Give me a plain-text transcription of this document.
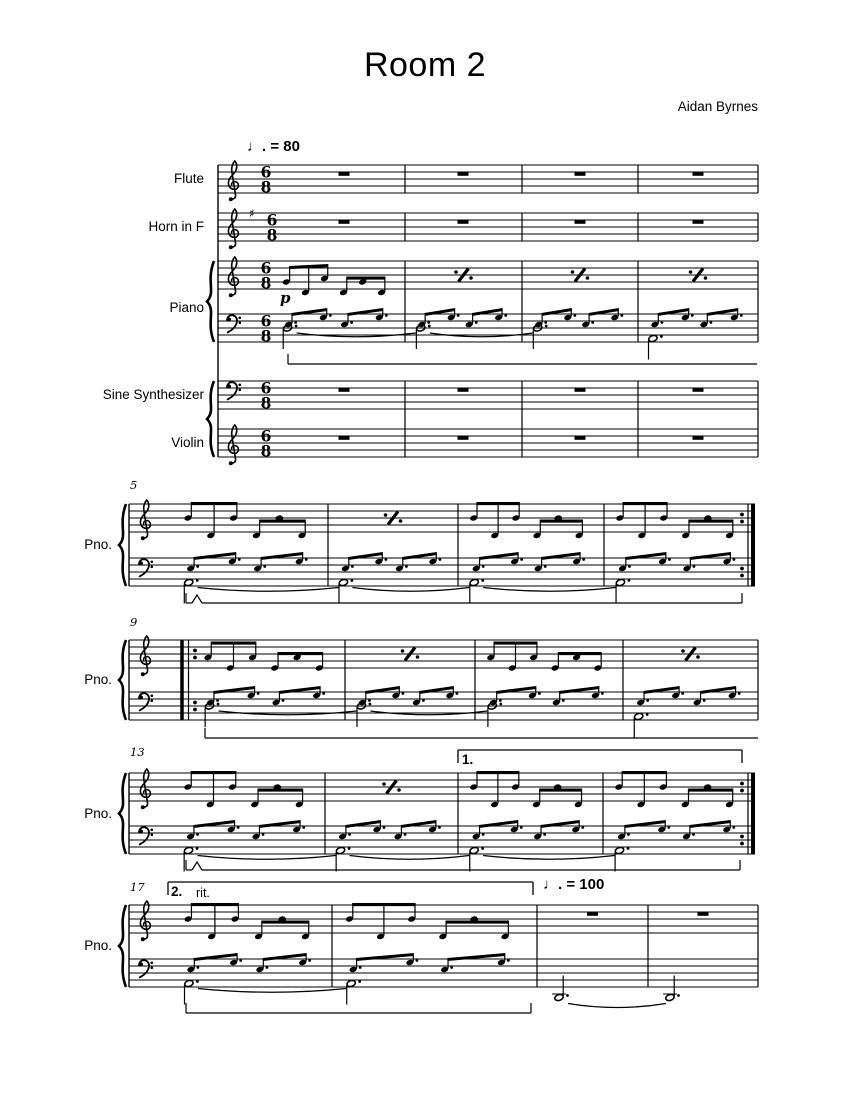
♯
6
8
6
8
6
8
6
8
6
8
6
8
Room 2
Aidan Byrnes
♩. = 80
♩. = 100
Flute
Horn in F
Piano
Sine Synthesizer
Violin
Pno.
Pno.
Pno.
Pno.
5
9
13
17
1.
2. rit.
p
